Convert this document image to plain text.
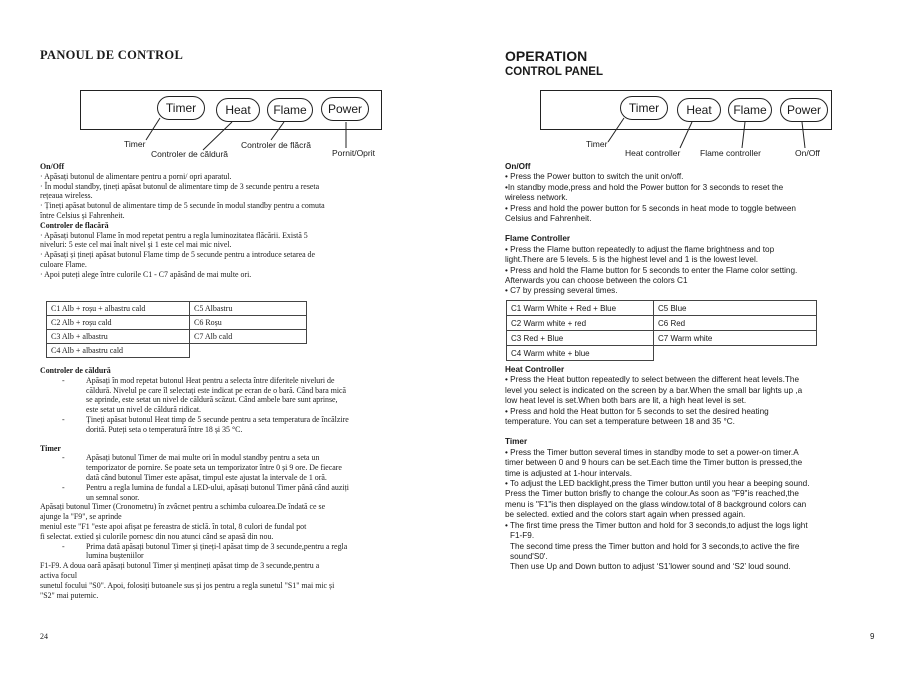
PANOUL DE CONTROL
Timer	Heat	Flame	Power
Timer
Controler de căldură
Controler de flăcră
Pornit/Oprit
On/Off
· Apăsați butonul de alimentare pentru a porni/ opri aparatul.
· În modul standby, țineți apăsat butonul de alimentare timp de 3 secunde pentru a reseta
rețeaua wireless.
· Țineți apăsat butonul de alimentare timp de 5 secunde în modul standby pentru a comuta
între Celsius și Fahrenheit.
Controler de flacără
· Apăsați butonul Flame în mod repetat pentru a regla luminozitatea flăcării. Există 5
niveluri: 5 este cel mai înalt nivel și 1 este cel mai mic nivel.
· Apăsați și țineți apăsat butonul Flame timp de 5 secunde pentru a introduce setarea de
culoare Flame.
· Apoi puteți alege între culorile C1 - C7 apăsând de mai multe ori.
C1 Alb + roșu + albastru cald	C5 Albastru
C2 Alb + roșu cald	C6 Roșu
C3 Alb + albastru	C7 Alb cald
C4 Alb + albastru cald	
Controler de căldură
-	Apăsați în mod repetat butonul Heat pentru a selecta între diferitele niveluri de
căldură. Nivelul pe care îl selectați este indicat pe ecran de o bară. Când bara mică
se aprinde, este setat un nivel de căldură scăzut. Când ambele bare sunt aprinse,
este setat un nivel de căldură ridicat.
-	Țineți apăsat butonul Heat timp de 5 secunde pentru a seta temperatura de încălzire
dorită. Puteți seta o temperatură între 18 și 35 °C.
Timer
-	Apăsați butonul Timer de mai multe ori în modul standby pentru a seta un
temporizator de pornire. Se poate seta un temporizator între 0 și 9 ore. De fiecare
dată când butonul Timer este apăsat, timpul este ajustat la intervale de 1 oră.
-	Pentru a regla lumina de fundal a LED-ului, apăsați butonul Timer până când auziți
un semnal sonor.
Apăsați butonul Timer (Cronometru) în zvâcnet pentru a schimba culoarea.De îndată ce se
ajunge la "F9", se aprinde
meniul este "F1 "este apoi afișat pe fereastra de sticlă. în total, 8 culori de fundal pot
fi selectat. extied și culorile pornesc din nou atunci când se apasă din nou.
-	Prima dată apăsați butonul Timer și țineți-l apăsat timp de 3 secunde,pentru a regla
lumina bușteniilor
F1-F9. A doua oară apăsați butonul Timer și mențineți apăsat timp de 3 secunde,pentru a
activa focul
sunetul focului "S0". Apoi, folosiți butoanele sus și jos pentru a regla sunetul "S1" mai mic și
"S2" mai puternic.
24
OPERATION
CONTROL PANEL
Timer	Heat	Flame	Power
Timer
Heat controller Flame controller	On/Off
On/Off
• Press the Power button to switch the unit on/off.
•In standby mode,press and hold the Power button for 3 seconds to reset the
wireless network.
• Press and hold the power button for 5 seconds in heat mode to toggle between
Celsius and Fahrenheit.
Flame Controller
• Press the Flame button repeatedly to adjust the flame brightness and top
light.There are 5 levels. 5 is the highest level and 1 is the lowest level.
• Press and hold the Flame button for 5 seconds to enter the Flame color setting.
Afterwards you can choose between the colors C1
• C7 by pressing several times.
C1 Warm White + Red + Blue	C5 Blue
C2 Warm white + red	C6 Red
C3 Red + Blue	C7 Warm white
C4 Warm white + blue	
Heat Controller
• Press the Heat button repeatedly to select between the different heat levels.The
level you select is indicated on the screen by a bar.When the small bar lights up ,a
low heat level is set.When both bars are lit, a high heat level is set.
• Press and hold the Heat button for 5 seconds to set the desired heating
temperature. You can set a temperature between 18 and 35 °C.
Timer
• Press the Timer button several times in standby mode to set a power-on timer.A
timer between 0 and 9 hours can be set.Each time the Timer button is pressed,the
time is adjusted at 1-hour intervals.
• To adjust the LED backlight,press the Timer button until you hear a beeping sound.
Press the Timer button brisfly to change the colour.As soon as "F9"is reached,the
menu is "F1"is then displayed on the glass window.total of 8 background colors can
be selected. extied and the colors start again when pressed again.
• The first time press the Timer button and hold for 3 seconds,to adjust the logs light
F1-F9.
The second time press the Timer button and hold for 3 seconds,to active the fire
sound'S0'.
Then use Up and Down button to adjust ‘S1’lower sound and ‘S2’ loud sound.
9
